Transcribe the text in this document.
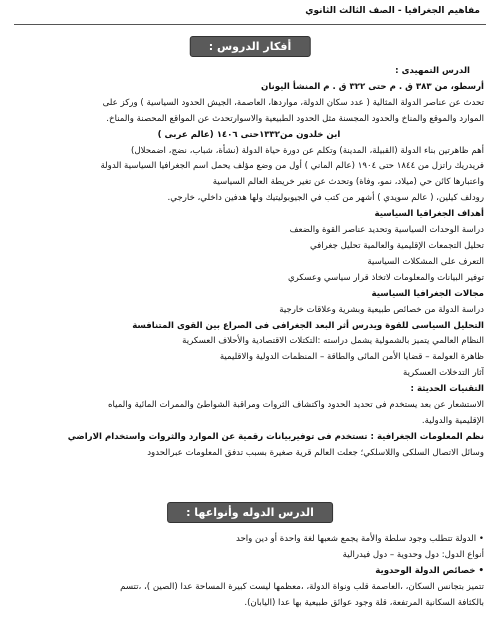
مفاهيم الجغرافيا - الصف الثالث الثانوي
أفكار الدروس :
الدرس التمهيدى :
أرسطو، من ٣٨٣ ق . م حتى ٣٢٢ ق . م المنشأ اليونان
تحدث عن عناصر الدولة المثالية ( عدد سكان الدولة، مواردها، العاصمة، الجيش الحدود السياسية ) وركز على
الموارد والموقع والمناخ والحدود المجسنة مثل الحدود الطبيعية والاسوارتحدث عن المواقع المحصنة والمناخ.
ابن خلدون من١٣٣٢حتى ١٤٠٦ (عالم عربى )
أهم ظاهرتين بناء الدولة (القبيلة، المدينة) وتكلم عن دورة حياة الدولة (نشأة، شباب، نضج، اضمحلال)
فريدريك راتزل من ١٨٤٤ حتى ١٩٠٤ (عالم الماني ) أول من وضع مؤلف يحمل اسم الجغرافيا السياسية الدولة
واعتبارها كائن حي (ميلاد، نمو، وفاة) وتحدث عن تغير خريطة العالم السياسية
رودلف كيلين، ( عالم سويدي ) أشهر من كتب في الجيوبوليتيك ولها هدفين داخلي، خارجي.
أهداف الجغرافيا السياسية
دراسة الوحدات السياسية وتحديد عناصر القوة والضعف
تحليل التجمعات الإقليمية والعالمية تحليل جغرافي
التعرف على المشكلات السياسية
توفير البيانات والمعلومات لاتخاذ قرار سياسي وعسكري
مجالات الجغرافيا السياسية
دراسة الدولة من خصائص طبيعية وبشرية وعلاقات خارجية
التحليل السياسى للقوة ويدرس أثر البعد الجغرافى فى الصراع بين القوى المتنافسة
النظام العالمي يتميز بالشمولية يشمل دراسته :التكتلات الاقتصادية والأحلاف العسكرية
ظاهرة العولمة – قضايا الأمن المائى والطاقة – المنظمات الدولية والاقليمية
آثار التدخلات العسكرية
التقنيات الحديثة :
الاستشعار عن بعد يستخدم فى تحديد الحدود واكتشاف الثروات ومراقبة الشواطئ والممرات المائية والمياه
الإقليمية والدولية.
نظم المعلومات الجغرافية : تستخدم فى توفيربيانات رقمية عن الموارد والثروات واستخدام الاراضي
وسائل الاتصال السلكى واللاسلكي؛ جعلت العالم قرية صغيرة بسبب تدفق المعلومات عبرالحدود
الدرس الدوله وأنواعها :
• الدولة تتطلب وجود سلطة والأمة يجمع شعبها لغة واحدة أو دين واحد
أنواع الدول: دول وحدوية – دول فيدرالية
• خصائص الدولة الوحدوية
تتميز بتجانس السكان، ،العاصمة قلب ونواة الدولة، ،معظمها ليست كبيرة المساحة عدا (الصين )، ،تتسم
بالكثافة السكانية المرتفعة، قلة وجود عوائق طبيعية بها عدا (اليابان).
